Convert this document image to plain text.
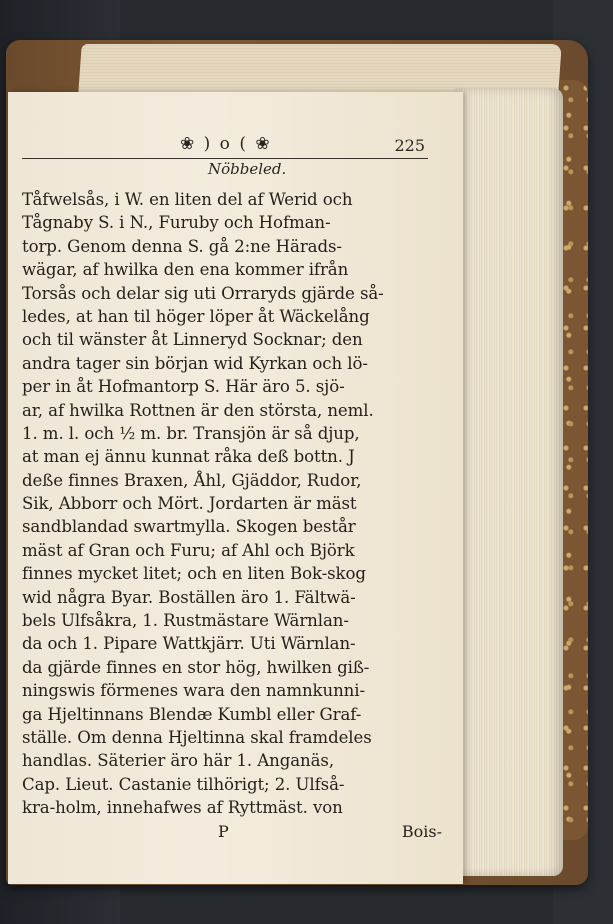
❀ ) o ( ❀	225
Nöbbeled.
Tåfwelsås, i W. en liten del af Werid och
Tågnaby S. i N., Furuby och Hofman-
torp. Genom denna S. gå 2:ne Härads-
wägar, af hwilka den ena kommer ifrån
Torsås och delar sig uti Orraryds gjärde så-
ledes, at han til höger löper åt Wäckelång
och til wänster åt Linneryd Socknar; den
andra tager sin början wid Kyrkan och lö-
per in åt Hofmantorp S. Här äro 5. sjö-
ar, af hwilka Rottnen är den största, neml.
1. m. l. och ½ m. br. Transjön är så djup,
at man ej ännu kunnat råka deß bottn. J
deße finnes Braxen, Åhl, Gjäddor, Rudor,
Sik, Abborr och Mört. Jordarten är mäst
sandblandad swartmylla. Skogen består
mäst af Gran och Furu; af Ahl och Björk
finnes mycket litet; och en liten Bok-skog
wid några Byar. Boställen äro 1. Fältwä-
bels Ulfsåkra, 1. Rustmästare Wärnlan-
da och 1. Pipare Wattkjärr. Uti Wärnlan-
da gjärde finnes en stor hög, hwilken giß-
ningswis förmenes wara den namnkunni-
ga Hjeltinnans Blendæ Kumbl eller Graf-
ställe. Om denna Hjeltinna skal framdeles
handlas. Säterier äro här 1. Anganäs,
Cap. Lieut. Castanie tilhörigt; 2. Ulfså-
kra-holm, innehafwes af Ryttmäst. von
P	Bois-
